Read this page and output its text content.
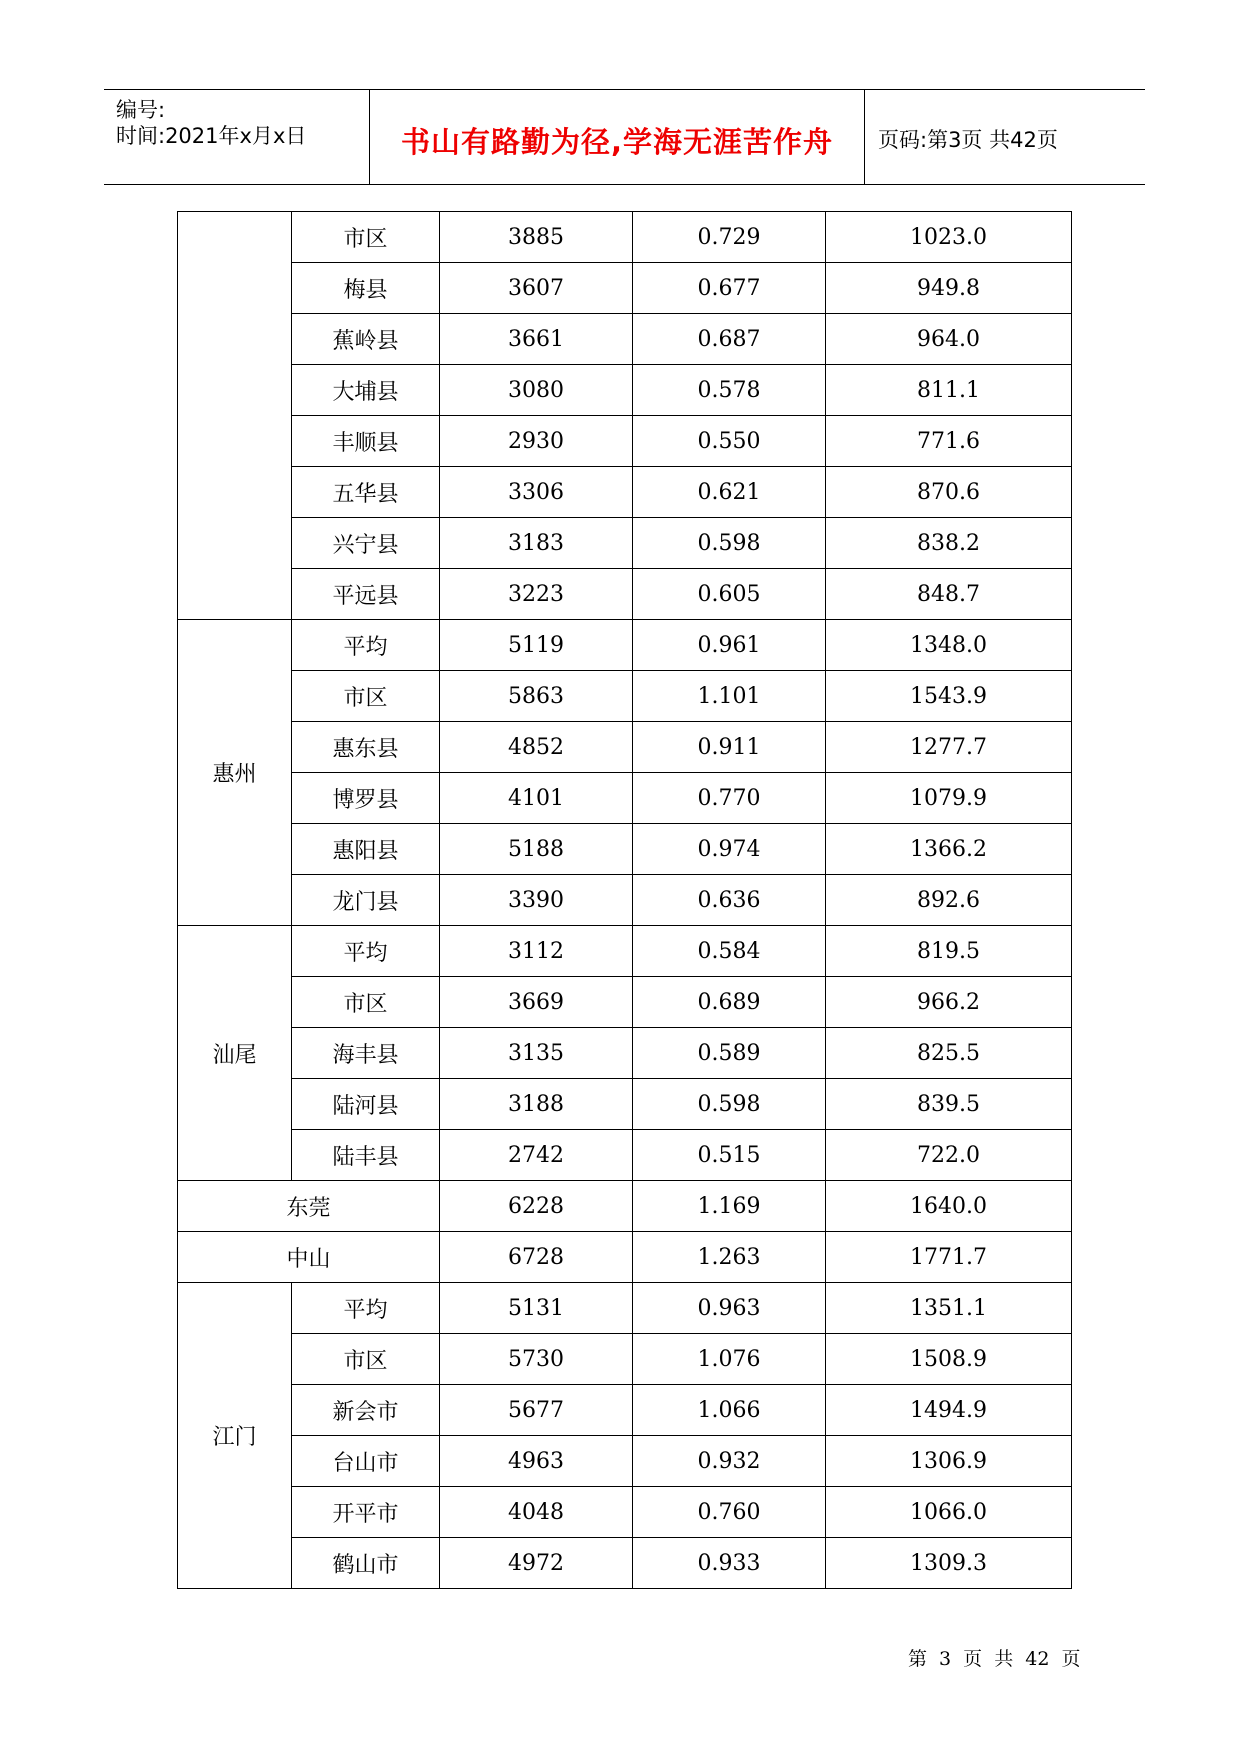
编号:
时间:2021年x月x日	书山有路勤为径,学海无涯苦作舟	页码:第3页 共42页
	市区	3885	0.729	1023.0
	梅县	3607	0.677	949.8
	蕉岭县	3661	0.687	964.0
	大埔县	3080	0.578	811.1
	丰顺县	2930	0.550	771.6
	五华县	3306	0.621	870.6
	兴宁县	3183	0.598	838.2
	平远县	3223	0.605	848.7
惠州	平均	5119	0.961	1348.0
	市区	5863	1.101	1543.9
	惠东县	4852	0.911	1277.7
	博罗县	4101	0.770	1079.9
	惠阳县	5188	0.974	1366.2
	龙门县	3390	0.636	892.6
汕尾	平均	3112	0.584	819.5
	市区	3669	0.689	966.2
	海丰县	3135	0.589	825.5
	陆河县	3188	0.598	839.5
	陆丰县	2742	0.515	722.0
东莞		6228	1.169	1640.0
中山		6728	1.263	1771.7
江门	平均	5131	0.963	1351.1
	市区	5730	1.076	1508.9
	新会市	5677	1.066	1494.9
	台山市	4963	0.932	1306.9
	开平市	4048	0.760	1066.0
	鹤山市	4972	0.933	1309.3
第 3 页 共 42 页
